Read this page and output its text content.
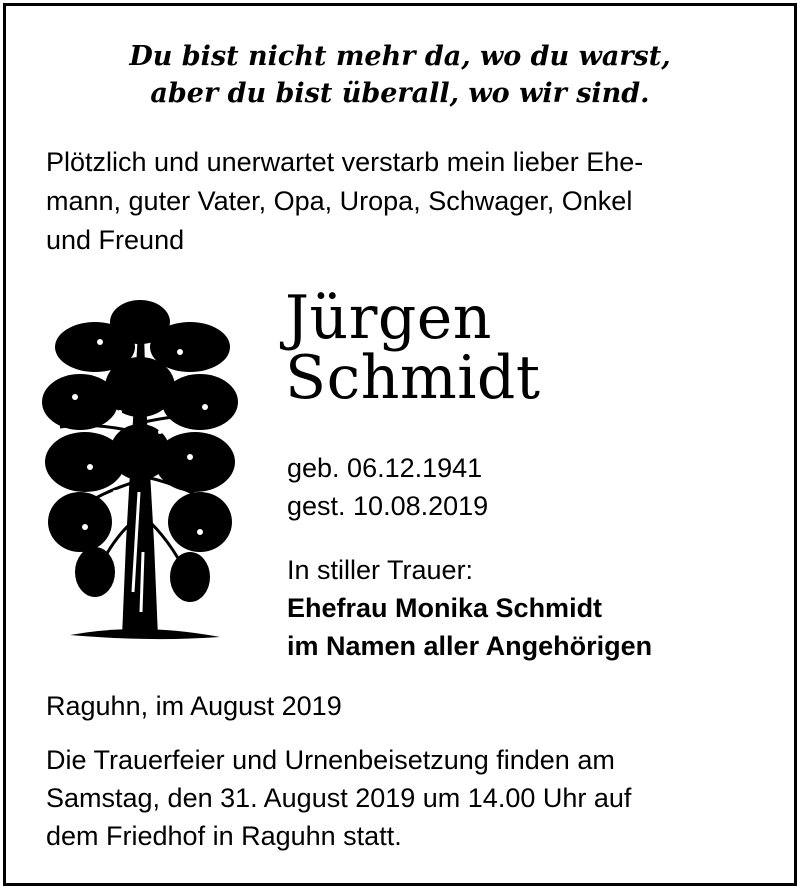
Du bist nicht mehr da, wo du warst,
aber du bist überall, wo wir sind.
Plötzlich und unerwartet verstarb mein lieber Ehe-
mann, guter Vater, Opa, Uropa, Schwager, Onkel
und Freund
Jürgen
Schmidt
geb. 06.12.1941
gest. 10.08.2019
In stiller Trauer:
Ehefrau Monika Schmidt
im Namen aller Angehörigen
Raguhn, im August 2019
Die Trauerfeier und Urnenbeisetzung finden am
Samstag, den 31. August 2019 um 14.00 Uhr auf
dem Friedhof in Raguhn statt.
